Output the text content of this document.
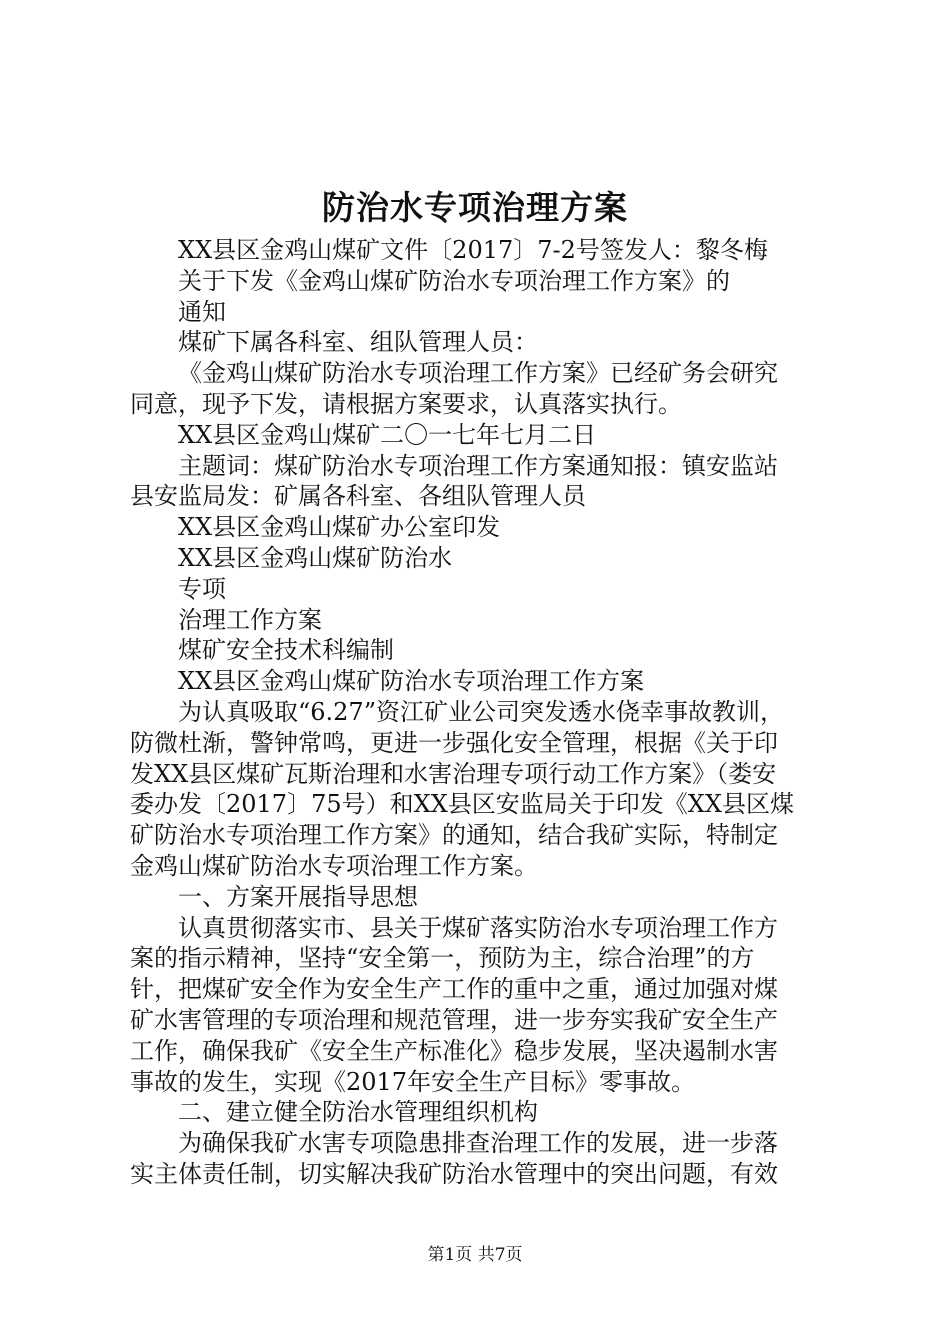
防治水专项治理方案
XX县区金鸡山煤矿文件〔2017〕7-2号签发人：黎冬梅
关于下发《金鸡山煤矿防治水专项治理工作方案》的
通知
煤矿下属各科室、组队管理人员：
《金鸡山煤矿防治水专项治理工作方案》已经矿务会研究
同意，现予下发，请根据方案要求，认真落实执行。
XX县区金鸡山煤矿二〇一七年七月二日
主题词：煤矿防治水专项治理工作方案通知报：镇安监站
县安监局发：矿属各科室、各组队管理人员
XX县区金鸡山煤矿办公室印发
XX县区金鸡山煤矿防治水
专项
治理工作方案
煤矿安全技术科编制
XX县区金鸡山煤矿防治水专项治理工作方案
为认真吸取“6.27”资江矿业公司突发透水侥幸事故教训，
防微杜渐，警钟常鸣，更进一步强化安全管理，根据《关于印
发XX县区煤矿瓦斯治理和水害治理专项行动工作方案》（娄安
委办发〔2017〕75号）和XX县区安监局关于印发《XX县区煤
矿防治水专项治理工作方案》的通知，结合我矿实际，特制定
金鸡山煤矿防治水专项治理工作方案。
一、方案开展指导思想
认真贯彻落实市、县关于煤矿落实防治水专项治理工作方
案的指示精神，坚持“安全第一，预防为主，综合治理”的方
针，把煤矿安全作为安全生产工作的重中之重，通过加强对煤
矿水害管理的专项治理和规范管理，进一步夯实我矿安全生产
工作，确保我矿《安全生产标准化》稳步发展，坚决遏制水害
事故的发生，实现《2017年安全生产目标》零事故。
二、建立健全防治水管理组织机构
为确保我矿水害专项隐患排查治理工作的发展，进一步落
实主体责任制，切实解决我矿防治水管理中的突出问题，有效
第1页 共7页
